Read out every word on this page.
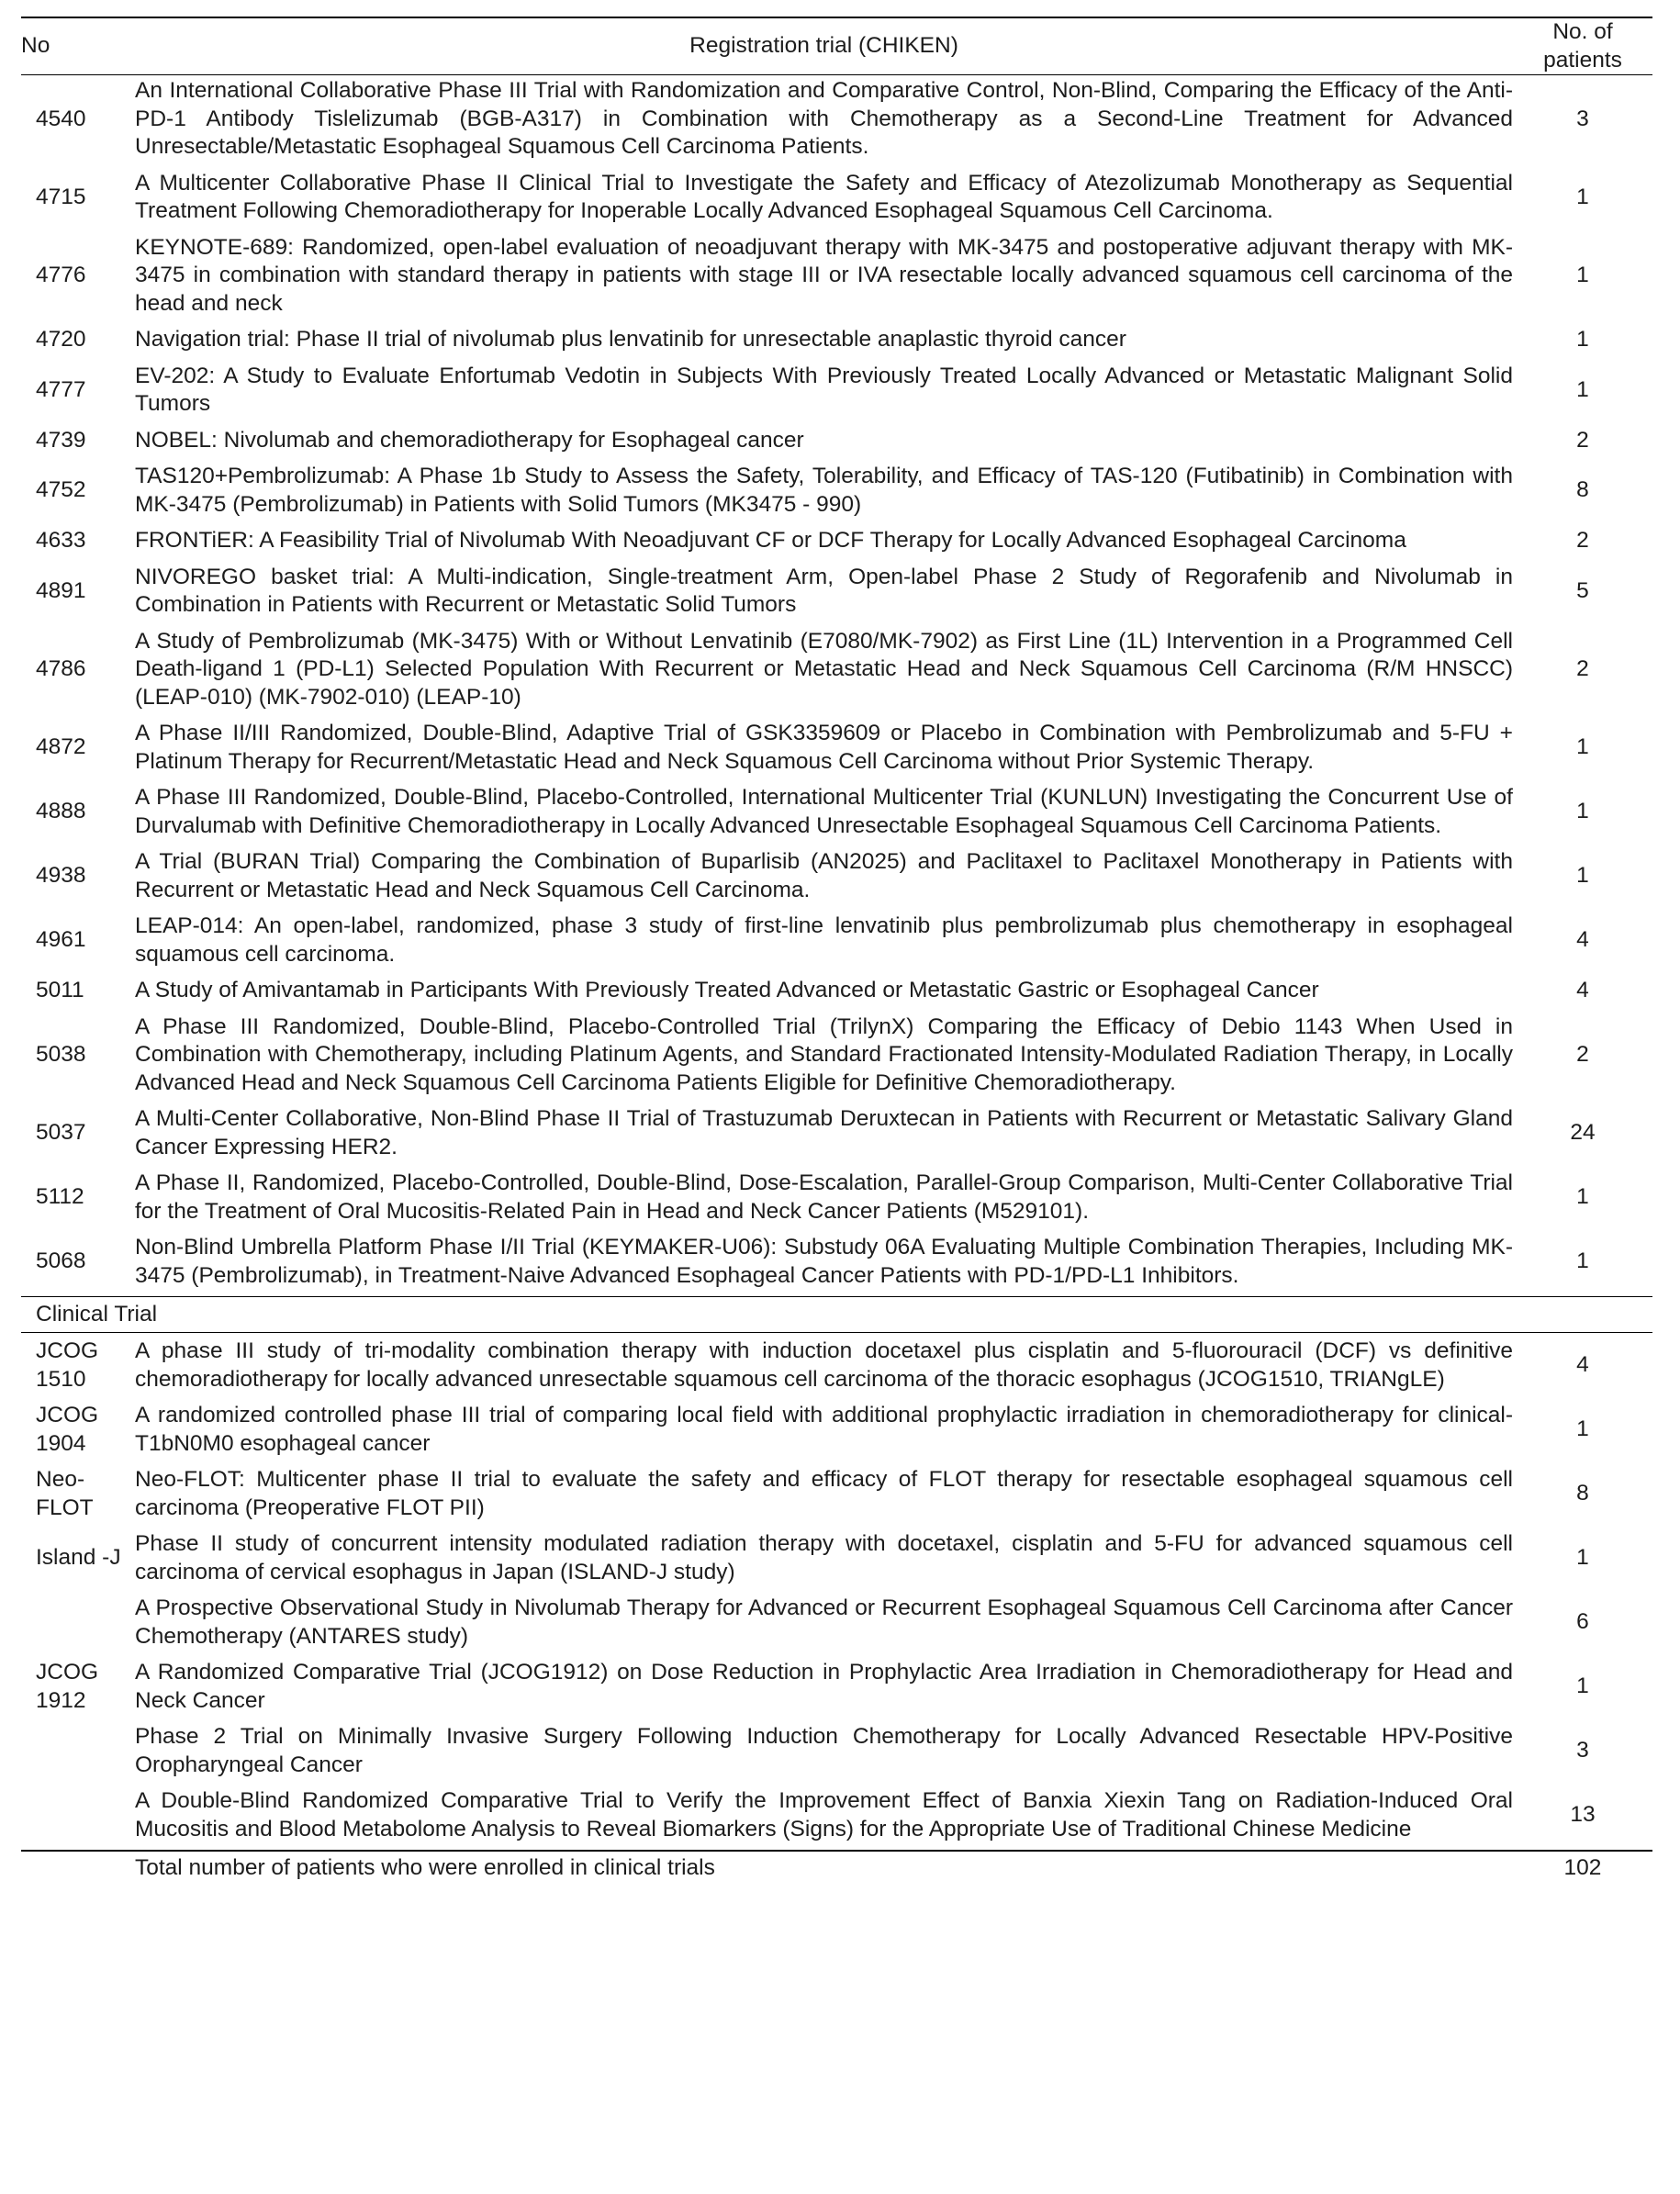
No	Registration trial (CHIKEN)	No. of patients
4540	An International Collaborative Phase III Trial with Randomization and Comparative Control, Non-Blind, Comparing the Efficacy of the Anti-PD-1 Antibody Tislelizumab (BGB-A317) in Combination with Chemotherapy as a Second-Line Treatment for Advanced Unresectable/Metastatic Esophageal Squamous Cell Carcinoma Patients.	3
4715	A Multicenter Collaborative Phase II Clinical Trial to Investigate the Safety and Efficacy of Atezolizumab Monotherapy as Sequential Treatment Following Chemoradiotherapy for Inoperable Locally Advanced Esophageal Squamous Cell Carcinoma.	1
4776	KEYNOTE-689: Randomized, open-label evaluation of neoadjuvant therapy with MK-3475 and postoperative adjuvant therapy with MK-3475 in combination with standard therapy in patients with stage III or IVA resectable locally advanced squamous cell carcinoma of the head and neck	1
4720	Navigation trial: Phase II trial of nivolumab plus lenvatinib for unresectable anaplastic thyroid cancer	1
4777	EV-202: A Study to Evaluate Enfortumab Vedotin in Subjects With Previously Treated Locally Advanced or Metastatic Malignant Solid Tumors	1
4739	NOBEL: Nivolumab and chemoradiotherapy for Esophageal cancer	2
4752	TAS120+Pembrolizumab: A Phase 1b Study to Assess the Safety, Tolerability, and Efficacy of TAS-120 (Futibatinib) in Combination with MK-3475 (Pembrolizumab) in Patients with Solid Tumors (MK3475 - 990)	8
4633	FRONTiER: A Feasibility Trial of Nivolumab With Neoadjuvant CF or DCF Therapy for Locally Advanced Esophageal Carcinoma	2
4891	NIVOREGO basket trial: A Multi-indication, Single-treatment Arm, Open-label Phase 2 Study of Regorafenib and Nivolumab in Combination in Patients with Recurrent or Metastatic Solid Tumors	5
4786	A Study of Pembrolizumab (MK-3475) With or Without Lenvatinib (E7080/MK-7902) as First Line (1L) Intervention in a Programmed Cell Death-ligand 1 (PD-L1) Selected Population With Recurrent or Metastatic Head and Neck Squamous Cell Carcinoma (R/M HNSCC) (LEAP-010) (MK-7902-010) (LEAP-10)	2
4872	A Phase II/III Randomized, Double-Blind, Adaptive Trial of GSK3359609 or Placebo in Combination with Pembrolizumab and 5-FU + Platinum Therapy for Recurrent/Metastatic Head and Neck Squamous Cell Carcinoma without Prior Systemic Therapy.	1
4888	A Phase III Randomized, Double-Blind, Placebo-Controlled, International Multicenter Trial (KUNLUN) Investigating the Concurrent Use of Durvalumab with Definitive Chemoradiotherapy in Locally Advanced Unresectable Esophageal Squamous Cell Carcinoma Patients.	1
4938	A Trial (BURAN Trial) Comparing the Combination of Buparlisib (AN2025) and Paclitaxel to Paclitaxel Monotherapy in Patients with Recurrent or Metastatic Head and Neck Squamous Cell Carcinoma.	1
4961	LEAP-014: An open-label, randomized, phase 3 study of first-line lenvatinib plus pembrolizumab plus chemotherapy in esophageal squamous cell carcinoma.	4
5011	A Study of Amivantamab in Participants With Previously Treated Advanced or Metastatic Gastric or Esophageal Cancer	4
5038	A Phase III Randomized, Double-Blind, Placebo-Controlled Trial (TrilynX) Comparing the Efficacy of Debio 1143 When Used in Combination with Chemotherapy, including Platinum Agents, and Standard Fractionated Intensity-Modulated Radiation Therapy, in Locally Advanced Head and Neck Squamous Cell Carcinoma Patients Eligible for Definitive Chemoradiotherapy.	2
5037	A Multi-Center Collaborative, Non-Blind Phase II Trial of Trastuzumab Deruxtecan in Patients with Recurrent or Metastatic Salivary Gland Cancer Expressing HER2.	24
5112	A Phase II, Randomized, Placebo-Controlled, Double-Blind, Dose-Escalation, Parallel-Group Comparison, Multi-Center Collaborative Trial for the Treatment of Oral Mucositis-Related Pain in Head and Neck Cancer Patients (M529101).	1
5068	Non-Blind Umbrella Platform Phase I/II Trial (KEYMAKER-U06): Substudy 06A Evaluating Multiple Combination Therapies, Including MK-3475 (Pembrolizumab), in Treatment-Naive Advanced Esophageal Cancer Patients with PD-1/PD-L1 Inhibitors.	1
Clinical Trial		
JCOG 1510	A phase III study of tri-modality combination therapy with induction docetaxel plus cisplatin and 5-fluorouracil (DCF) vs definitive chemoradiotherapy for locally advanced unresectable squamous cell carcinoma of the thoracic esophagus (JCOG1510, TRIANgLE)	4
JCOG 1904	A randomized controlled phase III trial of comparing local field with additional prophylactic irradiation in chemoradiotherapy for clinical-T1bN0M0 esophageal cancer	1
Neo-FLOT	Neo-FLOT: Multicenter phase II trial to evaluate the safety and efficacy of FLOT therapy for resectable esophageal squamous cell carcinoma (Preoperative FLOT PII)	8
Island -J	Phase II study of concurrent intensity modulated radiation therapy with docetaxel, cisplatin and 5-FU for advanced squamous cell carcinoma of cervical esophagus in Japan (ISLAND-J study)	1
	A Prospective Observational Study in Nivolumab Therapy for Advanced or Recurrent Esophageal Squamous Cell Carcinoma after Cancer Chemotherapy (ANTARES study)	6
JCOG 1912	A Randomized Comparative Trial (JCOG1912) on Dose Reduction in Prophylactic Area Irradiation in Chemoradiotherapy for Head and Neck Cancer	1
	Phase 2 Trial on Minimally Invasive Surgery Following Induction Chemotherapy for Locally Advanced Resectable HPV-Positive Oropharyngeal Cancer	3
	A Double-Blind Randomized Comparative Trial to Verify the Improvement Effect of Banxia Xiexin Tang on Radiation-Induced Oral Mucositis and Blood Metabolome Analysis to Reveal Biomarkers (Signs) for the Appropriate Use of Traditional Chinese Medicine	13
	Total number of patients who were enrolled in clinical trials	102
